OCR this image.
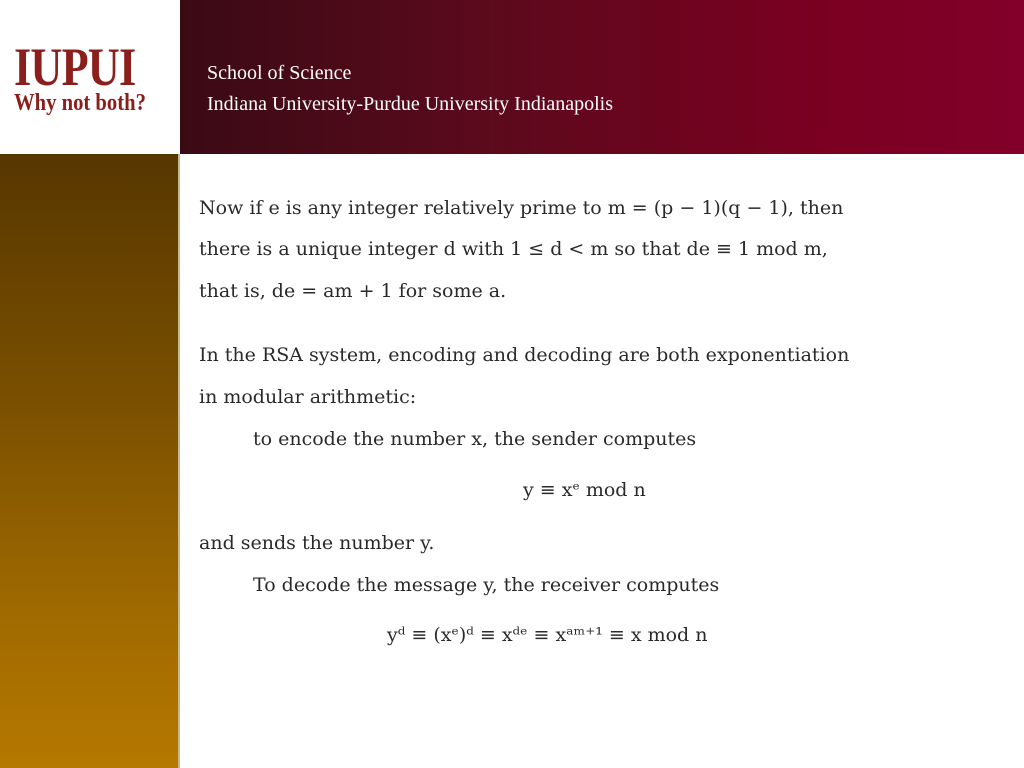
IUPUI
Why not both?
School of Science
Indiana University-Purdue University Indianapolis
Now if e is any integer relatively prime to m = (p − 1)(q − 1), then
there is a unique integer d with 1 ≤ d < m so that de ≡ 1 mod m,
that is, de = am + 1 for some a.
In the RSA system, encoding and decoding are both exponentiation
in modular arithmetic:
to encode the number x, the sender computes
y ≡ xᵉ mod n
and sends the number y.
To decode the message y, the receiver computes
yᵈ ≡ (xᵉ)ᵈ ≡ xᵈᵉ ≡ xᵃᵐ⁺¹ ≡ x mod n
